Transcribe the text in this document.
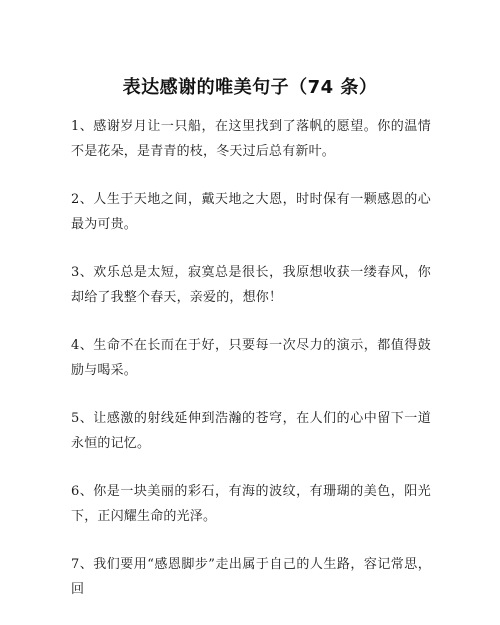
表达感谢的唯美句子（74 条）

1、感谢岁月让一只船，在这里找到了落帆的愿望。你的温情不是花朵，是青青的枝，冬天过后总有新叶。

2、人生于天地之间，戴天地之大恩，时时保有一颗感恩的心最为可贵。

3、欢乐总是太短，寂寞总是很长，我原想收获一缕春风，你却给了我整个春天，亲爱的，想你！

4、生命不在长而在于好，只要每一次尽力的演示，都值得鼓励与喝采。

5、让感激的射线延伸到浩瀚的苍穹，在人们的心中留下一道永恒的记忆。

6、你是一块美丽的彩石，有海的波纹，有珊瑚的美色，阳光下，正闪耀生命的光泽。

7、我们要用“感恩脚步”走出属于自己的人生路，容记常思，回
